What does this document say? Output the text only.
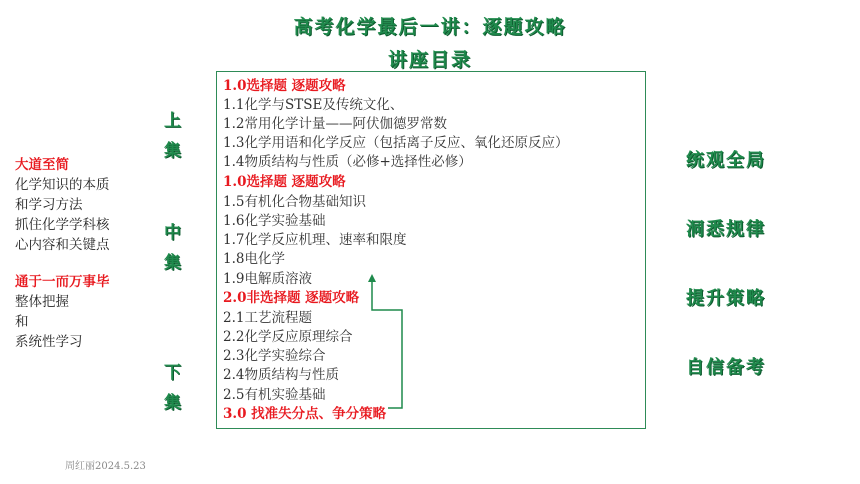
高考化学最后一讲：逐题攻略
讲座目录
上
集
中
集
下
集
大道至简
化学知识的本质
和学习方法
抓住化学学科核
心内容和关键点
通于一而万事毕
整体把握
和
系统性学习
1.0选择题 逐题攻略
1.1化学与STSE及传统文化、
1.2常用化学计量——阿伏伽德罗常数
1.3化学用语和化学反应（包括离子反应、氧化还原反应）
1.4物质结构与性质（必修+选择性必修）
1.0选择题 逐题攻略
1.5有机化合物基础知识
1.6化学实验基础
1.7化学反应机理、速率和限度
1.8电化学
1.9电解质溶液
2.0非选择题 逐题攻略
2.1工艺流程题
2.2化学反应原理综合
2.3化学实验综合
2.4物质结构与性质
2.5有机实验基础
3.0 找准失分点、争分策略
统观全局
洞悉规律
提升策略
自信备考
周红丽2024.5.23
